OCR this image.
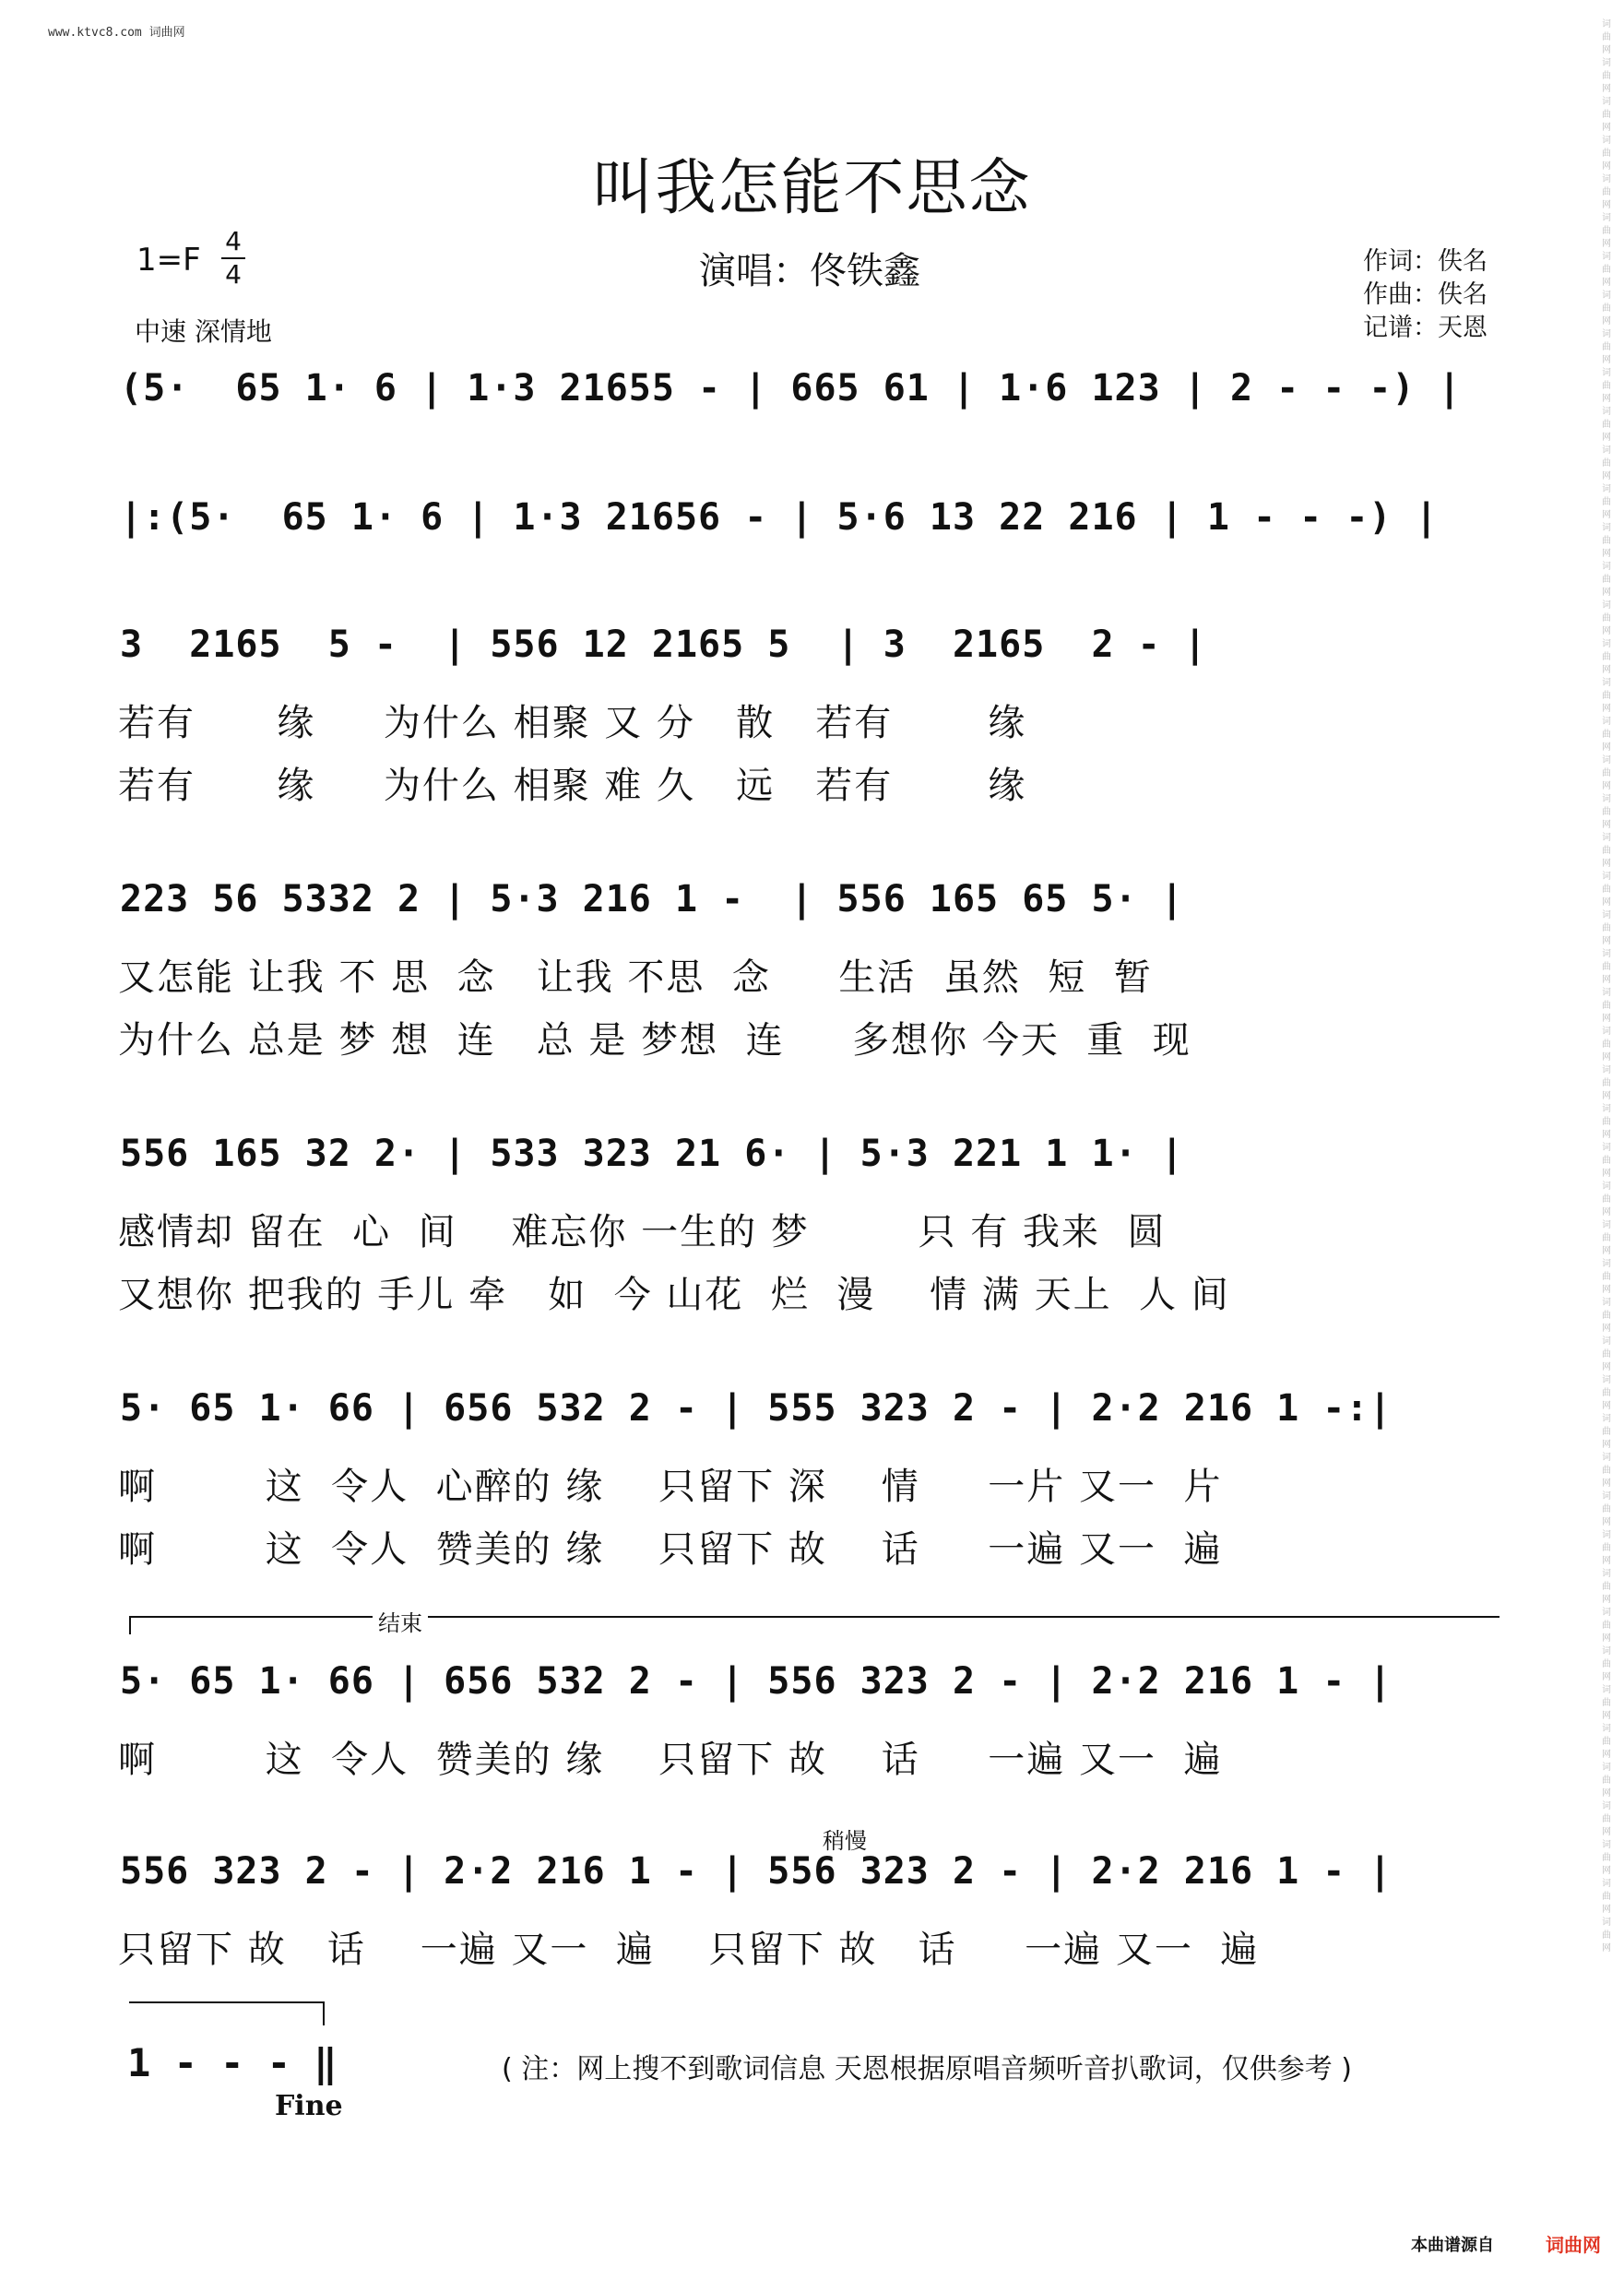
www.ktvc8.com 词曲网
词曲网词曲网词曲网词曲网词曲网词曲网词曲网词曲网词曲网词曲网词曲网词曲网词曲网词曲网词曲网词曲网词曲网词曲网词曲网词曲网词曲网词曲网词曲网词曲网词曲网词曲网词曲网词曲网词曲网词曲网词曲网词曲网词曲网词曲网词曲网词曲网词曲网词曲网词曲网词曲网词曲网词曲网词曲网词曲网词曲网词曲网词曲网词曲网词曲网词曲网
叫我怎能不思念
1=F
4
4
中速 深情地
演唱：佟铁鑫	作词：佚名
作曲：佚名
记谱：天恩
(5·  65 1· 6 | 1·3 21655 - | 665 61 | 1·6 123 | 2 - - -) |
|:(5·  65 1· 6 | 1·3 21656 - | 5·6 13 22 216 | 1 - - -) |
3  2165  5 -  | 556 12 2165 5  | 3  2165  2 - |
若有      缘     为什么 相聚 又 分   散   若有       缘
若有      缘     为什么 相聚 难 久   远   若有       缘
223 56 5332 2 | 5·3 216 1 -  | 556 165 65 5· |
又怎能 让我 不 思  念   让我 不思  念     生活  虽然  短  暂
为什么 总是 梦 想  连   总 是 梦想  连     多想你 今天  重  现
556 165 32 2· | 533 323 21 6· | 5·3 221 1 1· |
感情却 留在  心  间    难忘你 一生的 梦        只 有 我来  圆
又想你 把我的 手儿 牵   如  今 山花  烂  漫    情 满 天上  人 间
5· 65 1· 66 | 656 532 2 - | 555 323 2 - | 2·2 216 1 -:|
啊        这  令人  心醉的 缘    只留下 深    情     一片 又一  片
啊        这  令人  赞美的 缘    只留下 故    话     一遍 又一  遍
结束
5· 65 1· 66 | 656 532 2 - | 556 323 2 - | 2·2 216 1 - |
啊        这  令人  赞美的 缘    只留下 故    话     一遍 又一  遍
稍慢
556 323 2 - | 2·2 216 1 - | 556 323 2 - | 2·2 216 1 - |
只留下 故   话    一遍 又一  遍    只留下 故   话     一遍 又一  遍
1 - - - ‖
Fine
( 注：网上搜不到歌词信息 天恩根据原唱音频听音扒歌词，仅供参考 )
本曲谱源自	词曲网
